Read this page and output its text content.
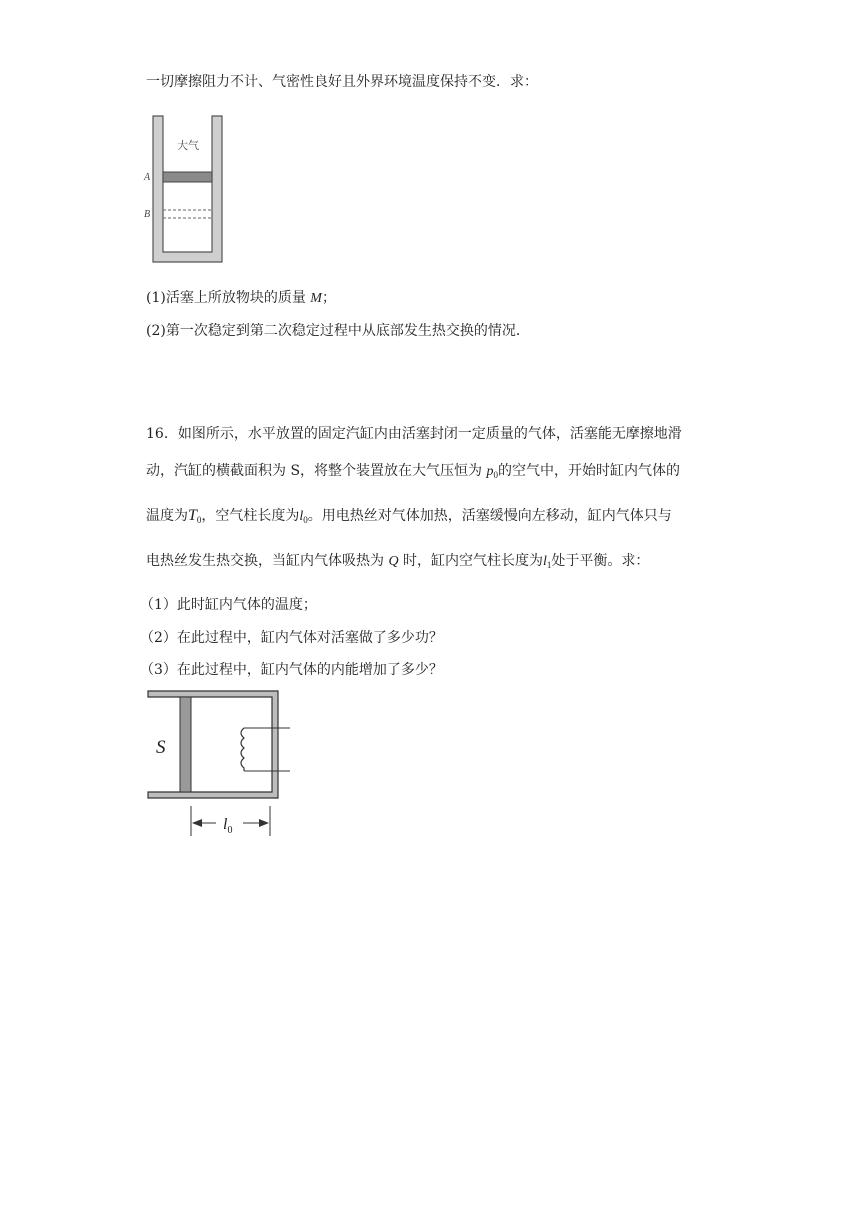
一切摩擦阻力不计、气密性良好且外界环境温度保持不变．求：
大气
A
B
(1)活塞上所放物块的质量 M；
(2)第一次稳定到第二次稳定过程中从底部发生热交换的情况．
16．如图所示，水平放置的固定汽缸内由活塞封闭一定质量的气体，活塞能无摩擦地滑
动，汽缸的横截面积为 S，将整个装置放在大气压恒为 $p_0$的空气中，开始时缸内气体的
温度为$T_0$，空气柱长度为$l_0$。用电热丝对气体加热，活塞缓慢向左移动，缸内气体只与
电热丝发生热交换，当缸内气体吸热为 Q 时，缸内空气柱长度为$l_1$处于平衡。求：
（1）此时缸内气体的温度；
（2）在此过程中，缸内气体对活塞做了多少功？
（3）在此过程中，缸内气体的内能增加了多少？
S
$l_0$
